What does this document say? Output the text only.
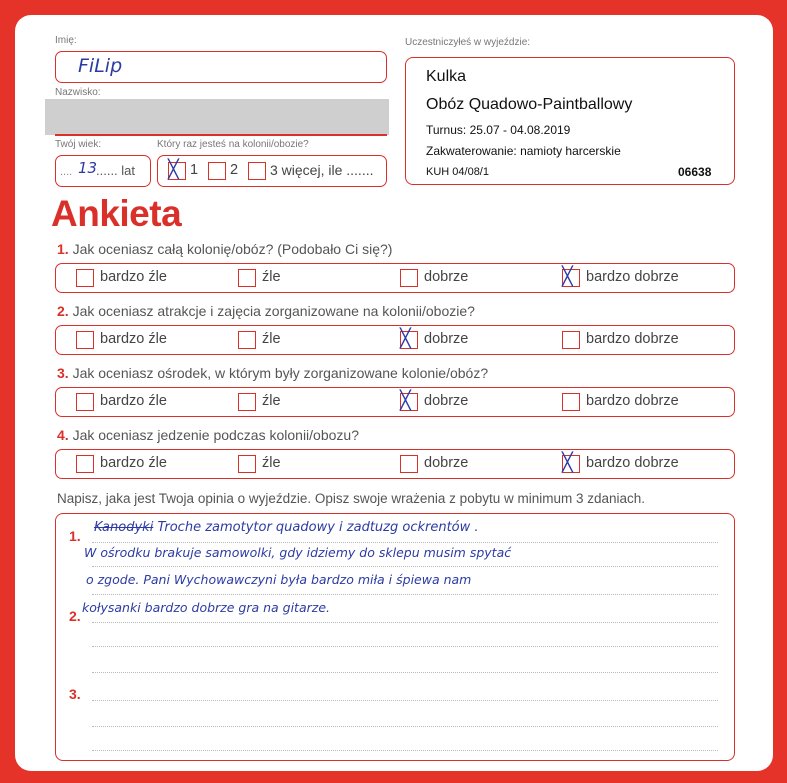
Imię:
FiLip
Nazwisko:
Twój wiek:
.... 13
...... lat
Który raz jesteś na kolonii/obozie?
╳ 1 2 3 więcej, ile .......
Uczestniczyłeś w wyjeździe:
Kulka
Obóz Quadowo-Paintballowy
Turnus: 25.07 - 04.08.2019
Zakwaterowanie: namioty harcerskie
KUH 04/08/1	06638
Ankieta
1. Jak oceniasz całą kolonię/obóz? (Podobało Ci się?)
bardzo źle	źle	dobrze	╳ bardzo dobrze
2. Jak oceniasz atrakcje i zajęcia zorganizowane na kolonii/obozie?
bardzo źle	źle	╳ dobrze	bardzo dobrze
3. Jak oceniasz ośrodek, w którym były zorganizowane kolonie/obóz?
bardzo źle	źle	╳ dobrze	bardzo dobrze
4. Jak oceniasz jedzenie podczas kolonii/obozu?
bardzo źle	źle	dobrze	╳ bardzo dobrze
Napisz, jaka jest Twoja opinia o wyjeździe. Opisz swoje wrażenia z pobytu w minimum 3 zdaniach.
1.
2.
3.
Kanodyki Troche zamotytor quadowy i zadtuzg ockrentów .
W ośrodku brakuje samowolki, gdy idziemy do sklepu musim spytać
o zgode. Pani Wychowawczyni była bardzo miła i śpiewa nam
kołysanki bardzo dobrze gra na gitarze.
